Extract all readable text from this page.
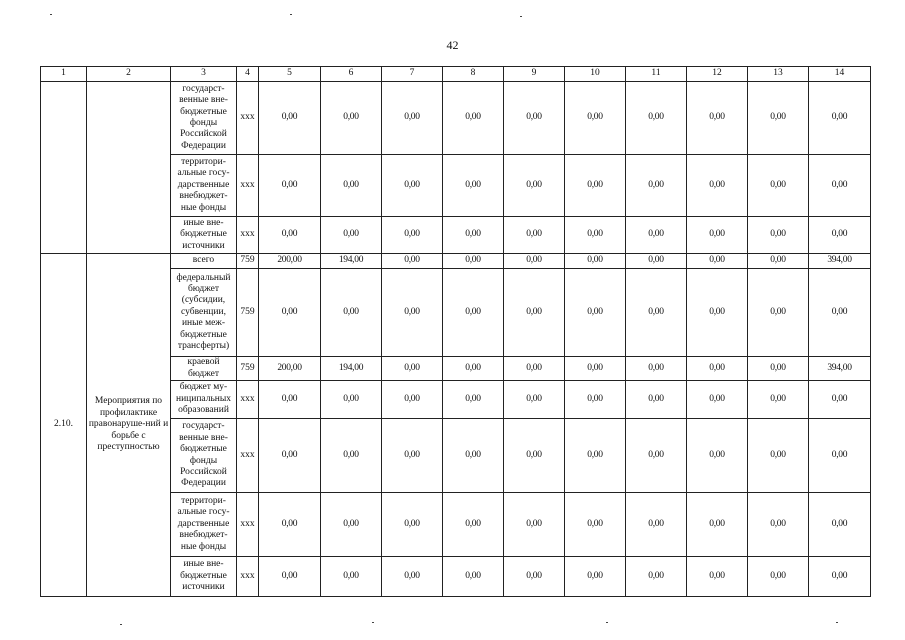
42
1	2	3	4	5	6	7	8	9	10	11	12	13	14
		государст-венные вне-бюджетные фонды Российской Федерации	ххх	0,00	0,00	0,00	0,00	0,00	0,00	0,00	0,00	0,00	0,00
		территори-альные госу-дарственные внебюджет-ные фонды	ххх	0,00	0,00	0,00	0,00	0,00	0,00	0,00	0,00	0,00	0,00
		иные вне-бюджетные источники	ххх	0,00	0,00	0,00	0,00	0,00	0,00	0,00	0,00	0,00	0,00
2.10.	Мероприятия по профилактике правонаруше-ний и борьбе с преступностью	всего	759	200,00	194,00	0,00	0,00	0,00	0,00	0,00	0,00	0,00	394,00
		федеральный бюджет (субсидии, субвенции, иные меж-бюджетные трансферты)	759	0,00	0,00	0,00	0,00	0,00	0,00	0,00	0,00	0,00	0,00
		краевой бюджет	759	200,00	194,00	0,00	0,00	0,00	0,00	0,00	0,00	0,00	394,00
		бюджет му-ниципальных образований	ххх	0,00	0,00	0,00	0,00	0,00	0,00	0,00	0,00	0,00	0,00
		государст-венные вне-бюджетные фонды Российской Федерации	ххх	0,00	0,00	0,00	0,00	0,00	0,00	0,00	0,00	0,00	0,00
		территори-альные госу-дарственные внебюджет-ные фонды	ххх	0,00	0,00	0,00	0,00	0,00	0,00	0,00	0,00	0,00	0,00
		иные вне-бюджетные источники	ххх	0,00	0,00	0,00	0,00	0,00	0,00	0,00	0,00	0,00	0,00
